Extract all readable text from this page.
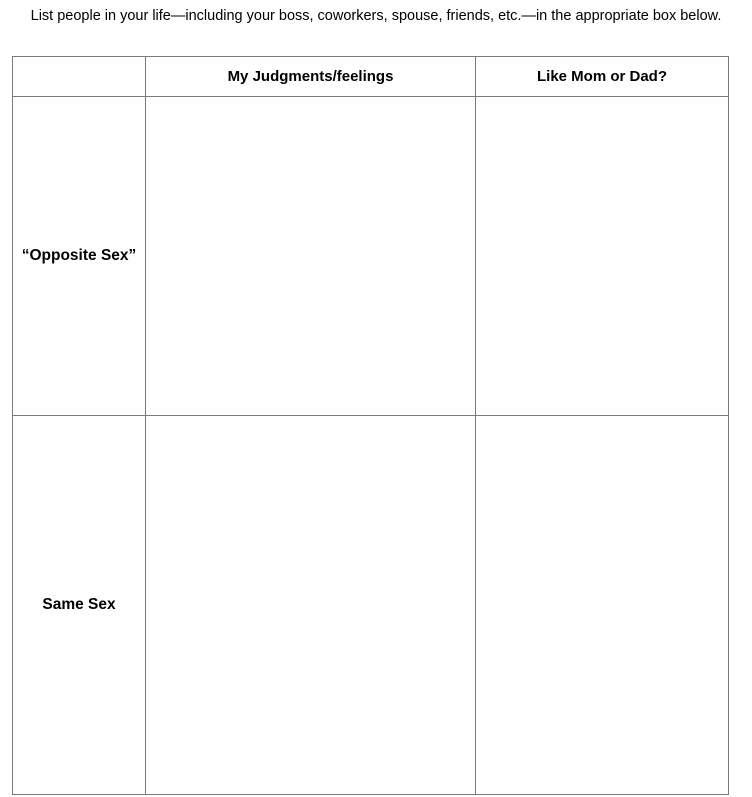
List people in your life—including your boss, coworkers, spouse, friends, etc.—in the appropriate box below.
	My Judgments/feelings	Like Mom or Dad?
“Opposite Sex”		
Same Sex		
